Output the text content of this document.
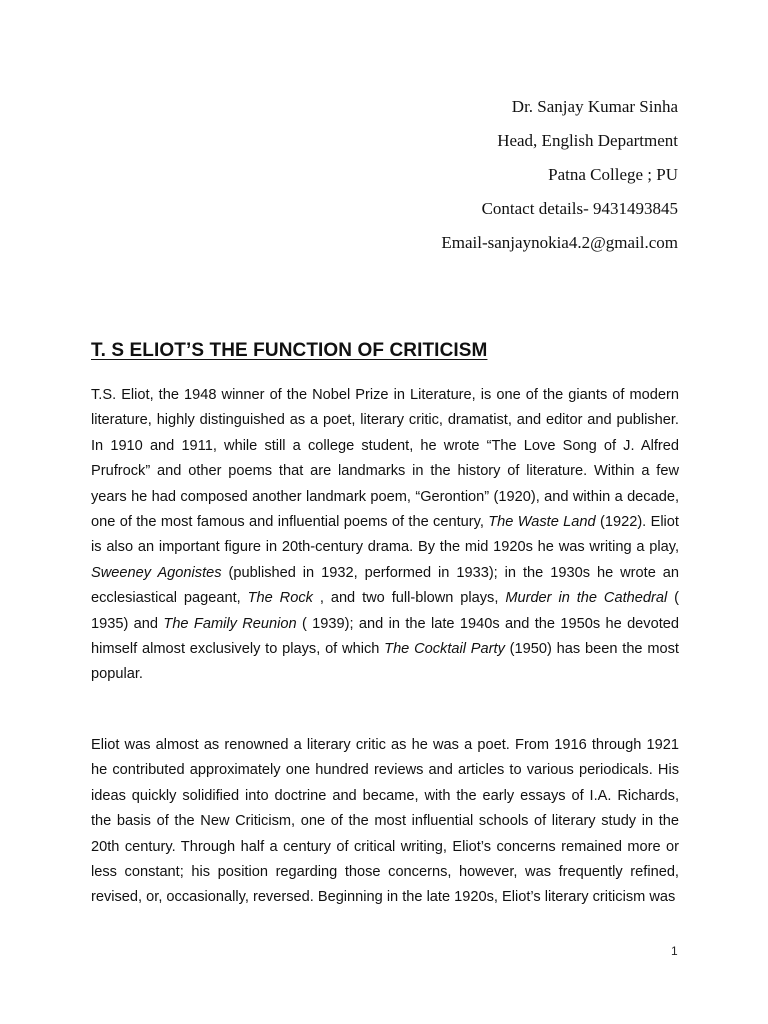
Dr. Sanjay Kumar Sinha
Head, English Department
Patna College ; PU
Contact details- 9431493845
Email-sanjaynokia4.2@gmail.com
T. S ELIOT’S THE FUNCTION OF CRITICISM

T.S. Eliot, the 1948 winner of the Nobel Prize in Literature, is one of the giants of modern literature, highly distinguished as a poet, literary critic, dramatist, and editor and publisher. In 1910 and 1911, while still a college student, he wrote “The Love Song of J. Alfred Prufrock” and other poems that are landmarks in the history of literature. Within a few years he had composed another landmark poem, “Gerontion” (1920), and within a decade, one of the most famous and influential poems of the century, The Waste Land (1922). Eliot is also an important figure in 20th-century drama. By the mid 1920s he was writing a play, Sweeney Agonistes (published in 1932, performed in 1933); in the 1930s he wrote an ecclesiastical pageant, The Rock , and two full-blown plays, Murder in the Cathedral ( 1935) and The Family Reunion ( 1939); and in the late 1940s and the 1950s he devoted himself almost exclusively to plays, of which The Cocktail Party (1950) has been the most popular.

Eliot was almost as renowned a literary critic as he was a poet. From 1916 through 1921 he contributed approximately one hundred reviews and articles to various periodicals. His ideas quickly solidified into doctrine and became, with the early essays of I.A. Richards, the basis of the New Criticism, one of the most influential schools of literary study in the 20th century. Through half a century of critical writing, Eliot’s concerns remained more or less constant; his position regarding those concerns, however, was frequently refined, revised, or, occasionally, reversed. Beginning in the late 1920s, Eliot’s literary criticism was

1
